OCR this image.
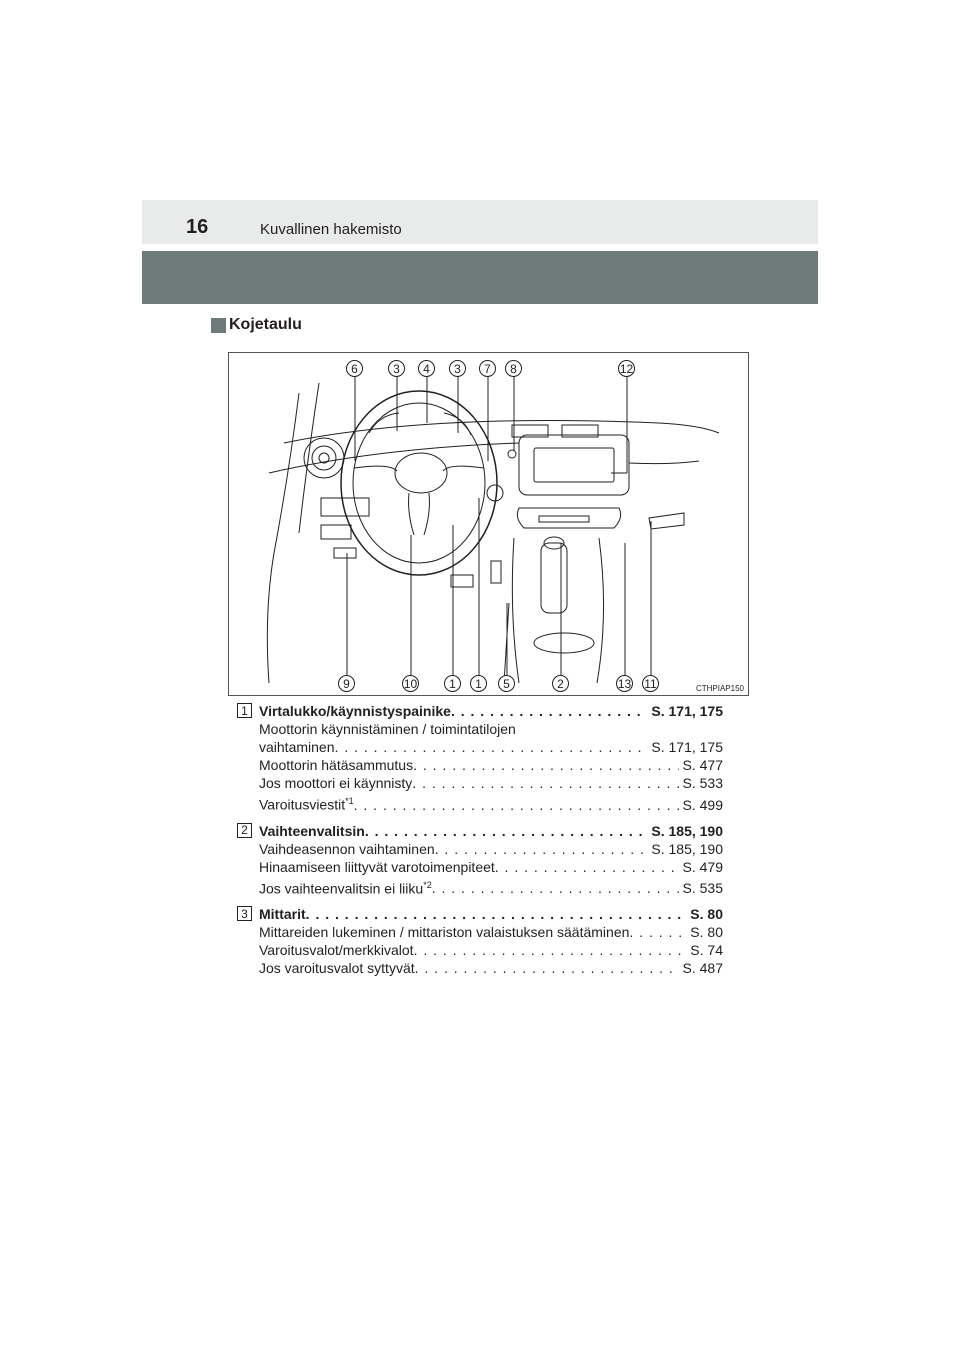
16	Kuvallinen hakemisto
Kojetaulu
6	3	4	3	7	8	12
9	10	1	1	5	2	13 11	CTHPIAP150
1 Virtalukko/käynnistyspainike . . .	S. 171, 175
Moottorin käynnistäminen / toimintatilojen
vaihtaminen . . .	S. 171, 175
Moottorin hätäsammutus . . .	S. 477
Jos moottori ei käynnisty . . .	S. 533
Varoitusviestit$^{*1}$ . . .	S. 499
2 Vaihteenvalitsin . . .	S. 185, 190
Vaihdeasennon vaihtaminen . . .	S. 185, 190
Hinaamiseen liittyvät varotoimenpiteet . . .	S. 479
Jos vaihteenvalitsin ei liiku$^{*2}$ . . .	S. 535
3 Mittarit . . .	S. 80
Mittareiden lukeminen / mittariston valaistuksen säätäminen . . .	S. 80
Varoitusvalot/merkkivalot . . .	S. 74
Jos varoitusvalot syttyvät . . .	S. 487
